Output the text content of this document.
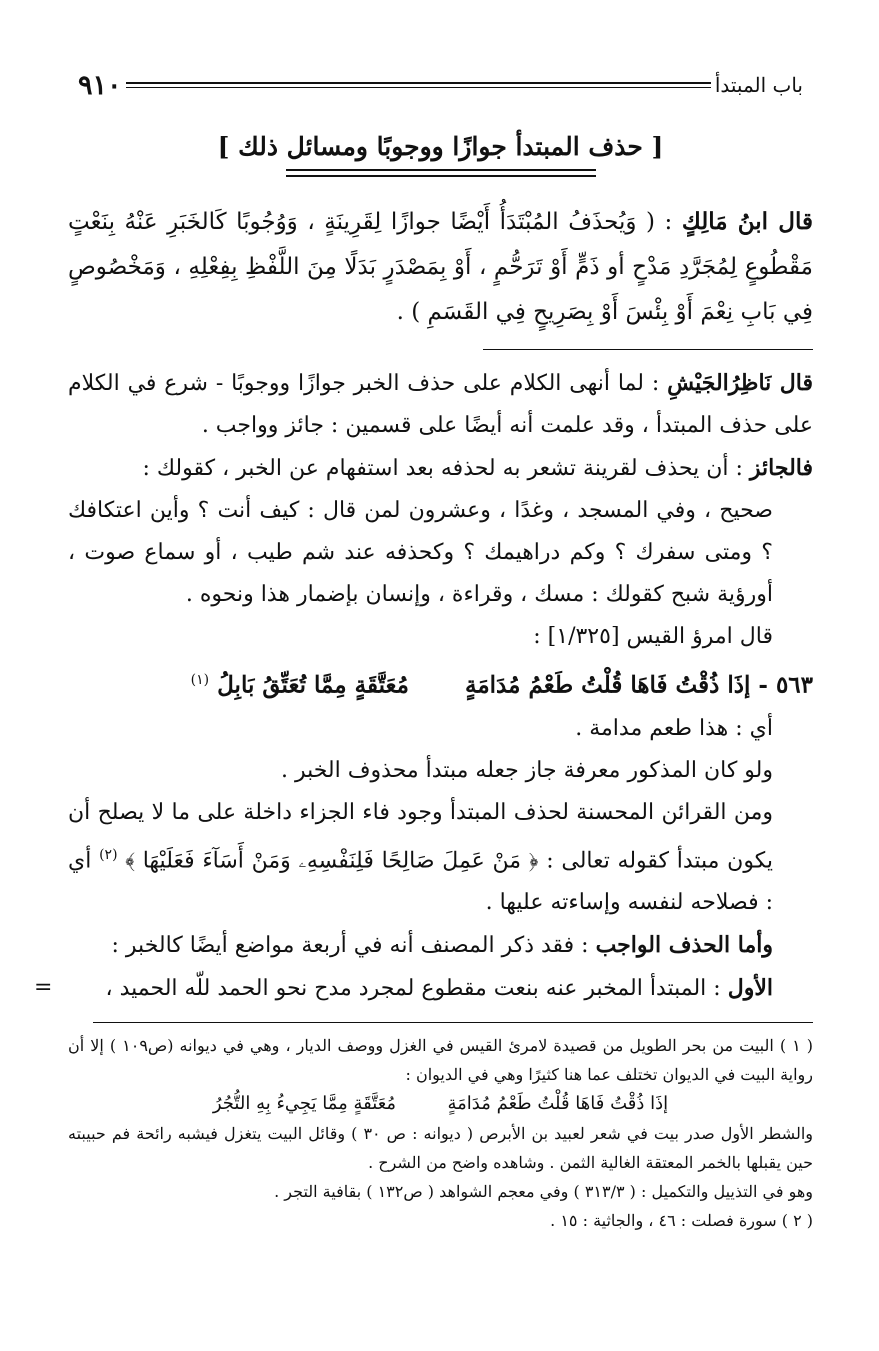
باب المبتدأ
٩١٠
[ حذف المبتدأ جوازًا ووجوبًا ومسائل ذلك ]

قال ابنُ مَالِكٍ : ( وَيُحذَفُ المُبْتَدَأُ أَيْضًا جوازًا لِقَرِينَةٍ ، وَوُجُوبًا كَالخَبَرِ عَنْهُ بِنَعْتٍ مَقْطُوعٍ لِمُجَرَّدِ مَدْحٍ أو ذَمٍّ أَوْ تَرَحُّمٍ ، أَوْ بِمَصْدَرٍ بَدَلًا مِنَ اللَّفْظِ بِفِعْلِهِ ، وَمَخْصُوصٍ فِي بَابِ نِعْمَ أَوْ بِئْسَ أَوْ بِصَرِيحٍ فِي القَسَمِ ) .

قال نَاظِرُالجَيْشِ : لما أنهى الكلام على حذف الخبر جوازًا ووجوبًا - شرع في الكلام على حذف المبتدأ ، وقد علمت أنه أيضًا على قسمين : جائز وواجب .

فالجائز : أن يحذف لقرينة تشعر به لحذفه بعد استفهام عن الخبر ، كقولك :

صحيح ، وفي المسجد ، وغدًا ، وعشرون لمن قال : كيف أنت ؟ وأين اعتكافك ؟ ومتى سفرك ؟ وكم دراهيمك ؟ وكحذفه عند شم طيب ، أو سماع صوت ، أورؤية شبح كقولك : مسك ، وقراءة ، وإنسان بإضمار هذا ونحوه .

قال امرؤ القيس [١/٣٢٥] :

٥٦٣ - إذَا ذُقْتُ فَاهَا قُلْتُ طَعْمُ مُدَامَةٍ  مُعَتَّقَةٍ مِمَّا تُعَتِّقُ بَابِلُ $^{(١)}$

أي : هذا طعم مدامة .

ولو كان المذكور معرفة جاز جعله مبتدأ محذوف الخبر .

ومن القرائن المحسنة لحذف المبتدأ وجود فاء الجزاء داخلة على ما لا يصلح أن يكون مبتدأ كقوله تعالى : ﴿ مَنْ عَمِلَ صَالِحًا فَلِنَفْسِهِۦ وَمَنْ أَسَآءَ فَعَلَيْهَا ﴾ $^{(٢)}$ أي : فصلاحه لنفسه وإساءته عليها .

وأما الحذف الواجب : فقد ذكر المصنف أنه في أربعة مواضع أيضًا كالخبر :

الأول : المبتدأ المخبر عنه بنعت مقطوع لمجرد مدح نحو الحمد للّه الحميد ،
=

( ١ ) البيت من بحر الطويل من قصيدة لامرئ القيس في الغزل ووصف الديار ، وهي في ديوانه (ص١٠٩ ) إلا أن رواية البيت في الديوان تختلف عما هنا كثيرًا وهي في الديوان :

إذَا ذُقْتُ فَاهَا قُلْتُ طَعْمُ مُدَامَةٍ  مُعَتَّقَةٍ مِمَّا يَجِيءُ بِهِ التُّجُرُ

والشطر الأول صدر بيت في شعر لعبيد بن الأبرص ( ديوانه : ص ٣٠ ) وقائل البيت يتغزل فيشبه رائحة فم حبيبته حين يقبلها بالخمر المعتقة الغالية الثمن . وشاهده واضح من الشرح .

وهو في التذييل والتكميل : ( ٣١٣/٣ ) وفي معجم الشواهد ( ص١٣٢ ) بقافية التجر .

( ٢ ) سورة فصلت : ٤٦ ، والجاثية : ١٥ .
